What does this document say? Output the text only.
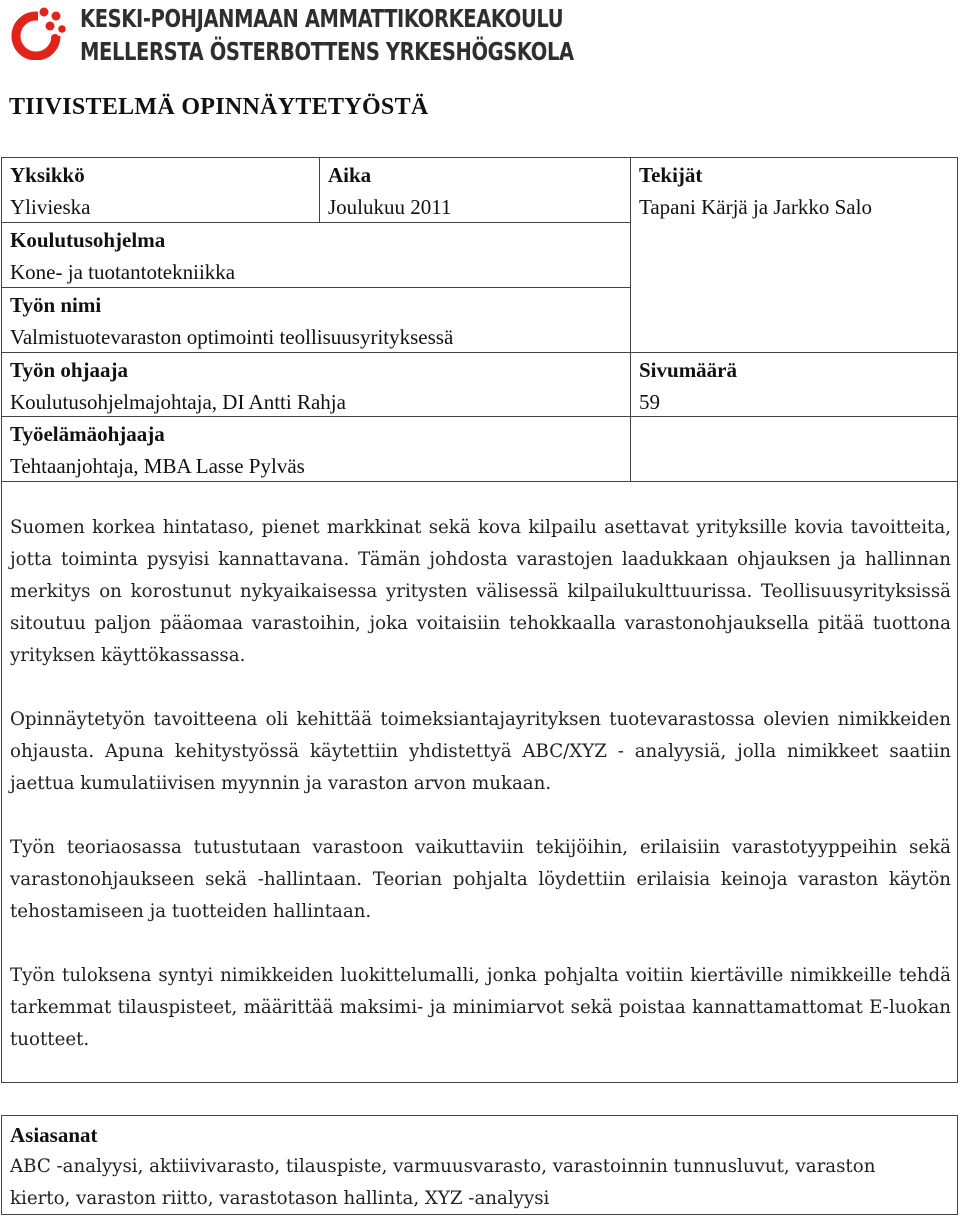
KESKI-POHJANMAAN AMMATTIKORKEAKOULU
MELLERSTA ÖSTERBOTTENS YRKESHÖGSKOLA
TIIVISTELMÄ OPINNÄYTETYÖSTÄ
Yksikkö
Ylivieska
Aika
Joulukuu 2011
Tekijät
Tapani Kärjä ja Jarkko Salo
Koulutusohjelma
Kone- ja tuotantotekniikka
Työn nimi
Valmistuotevaraston optimointi teollisuusyrityksessä
Työn ohjaaja
Koulutusohjelmajohtaja, DI Antti Rahja
Sivumäärä
59
Työelämäohjaaja
Tehtaanjohtaja, MBA Lasse Pylväs

Suomen korkea hintataso, pienet markkinat sekä kova kilpailu asettavat yrityksille kovia tavoitteita, jotta toiminta pysyisi kannattavana. Tämän johdosta varastojen laadukkaan ohjauksen ja hallinnan merkitys on korostunut nykyaikaisessa yritysten välisessä kilpailukulttuurissa. Teollisuusyrityksissä sitoutuu paljon pääomaa varastoihin, joka voitaisiin tehokkaalla varastonohjauksella pitää tuottona yrityksen käyttökassassa.

Opinnäytetyön tavoitteena oli kehittää toimeksiantajayrityksen tuotevarastossa olevien nimikkeiden ohjausta. Apuna kehitystyössä käytettiin yhdistettyä ABC/XYZ - analyysiä, jolla nimikkeet saatiin jaettua kumulatiivisen myynnin ja varaston arvon mukaan.

Työn teoriaosassa tutustutaan varastoon vaikuttaviin tekijöihin, erilaisiin varastotyyppeihin sekä varastonohjaukseen sekä -hallintaan. Teorian pohjalta löydettiin erilaisia keinoja varaston käytön tehostamiseen ja tuotteiden hallintaan.

Työn tuloksena syntyi nimikkeiden luokittelumalli, jonka pohjalta voitiin kiertäville nimikkeille tehdä tarkemmat tilauspisteet, määrittää maksimi- ja minimiarvot sekä poistaa kannattamattomat E-luokan tuotteet.

Asiasanat

ABC -analyysi, aktiivivarasto, tilauspiste, varmuusvarasto, varastoinnin tunnusluvut, varaston kierto, varaston riitto, varastotason hallinta, XYZ -analyysi
